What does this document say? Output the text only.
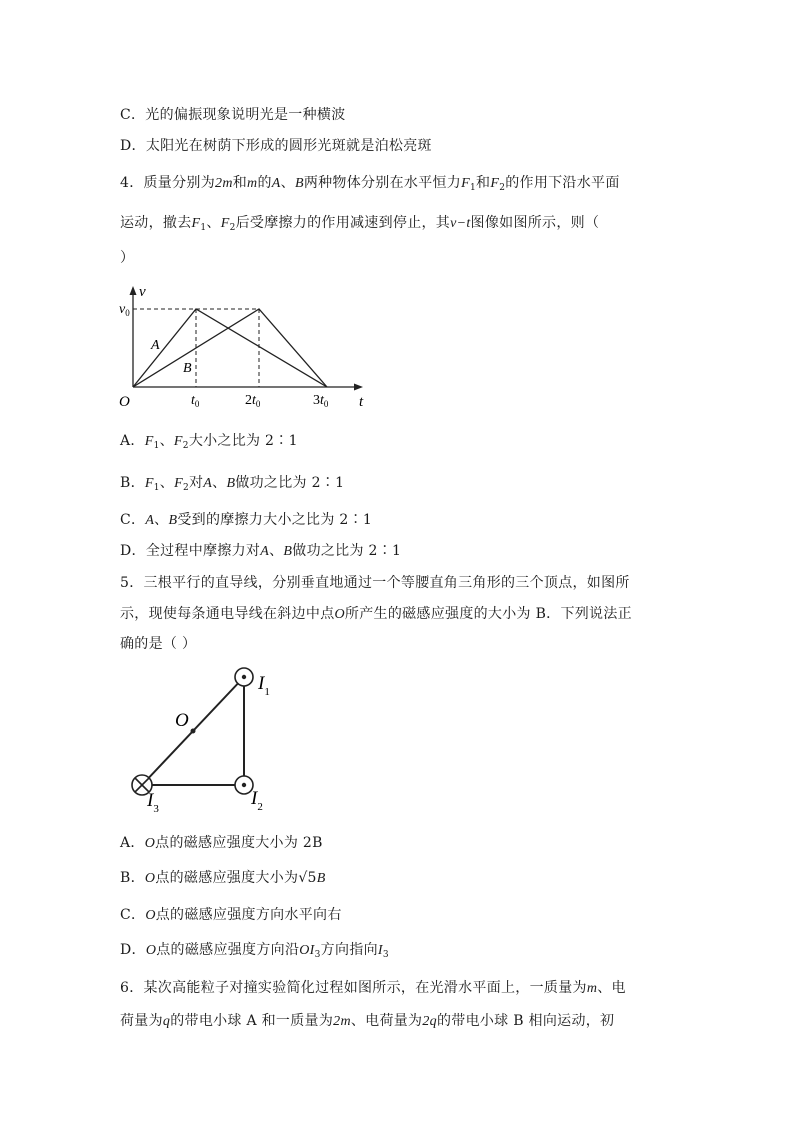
C．光的偏振现象说明光是一种横波
D．太阳光在树荫下形成的圆形光斑就是泊松亮斑
4．质量分别为2m和m的A、B两种物体分别在水平恒力$F_1$和$F_2$的作用下沿水平面
运动，撤去$F_1$、$F_2$后受摩擦力的作用减速到停止，其v−t图像如图所示，则（
）
v
$v_0$
A
B
O	$t_0$	$2t_0$	$3t_0$ t
A．$F_1$、$F_2$大小之比为 2∶1
B．$F_1$、$F_2$对A、B做功之比为 2∶1
C．A、B受到的摩擦力大小之比为 2∶1
D．全过程中摩擦力对A、B做功之比为 2∶1
5．三根平行的直导线，分别垂直地通过一个等腰直角三角形的三个顶点，如图所
示，现使每条通电导线在斜边中点O所产生的磁感应强度的大小为 B．下列说法正
确的是（ ）
O
$I_1$
$I_2$
$I_3$
A．O点的磁感应强度大小为 2B
B．O点的磁感应强度大小为√5B
C．O点的磁感应强度方向水平向右
D．O点的磁感应强度方向沿$OI_3$方向指向$I_3$
6．某次高能粒子对撞实验简化过程如图所示，在光滑水平面上，一质量为m、电
荷量为q的带电小球 A 和一质量为2m、电荷量为2q的带电小球 B 相向运动，初
